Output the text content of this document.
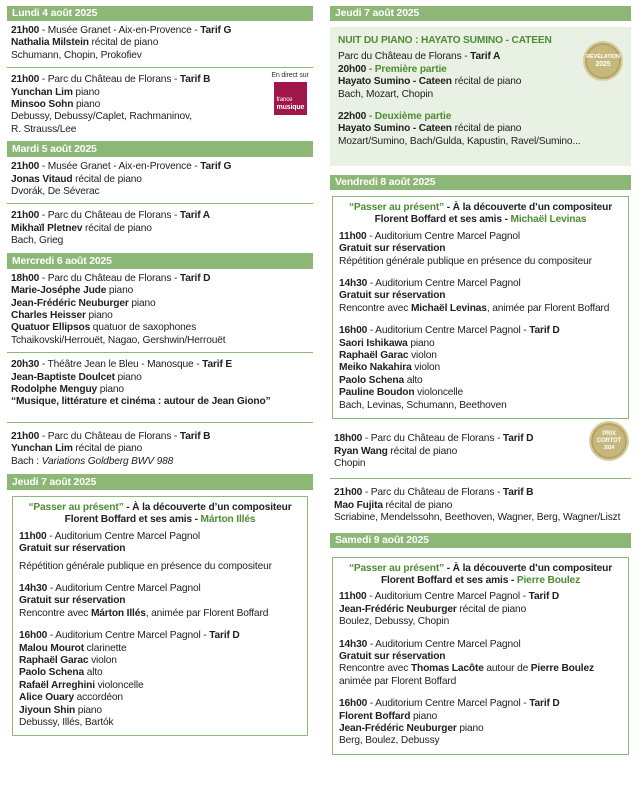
Lundi 4 août 2025
21h00 - Musée Granet - Aix-en-Provence - Tarif G
Nathalia Milstein récital de piano
Schumann, Chopin, Prokofiev
21h00 - Parc du Château de Florans - Tarif B
Yunchan Lim piano
Minsoo Sohn piano
Debussy, Debussy/Caplet, Rachmaninov,
R. Strauss/Lee
En direct sur
france
musique
Mardi 5 août 2025
21h00 - Musée Granet - Aix-en-Provence - Tarif G
Jonas Vitaud récital de piano
Dvorák, De Séverac
21h00 - Parc du Château de Florans - Tarif A
Mikhaïl Pletnev récital de piano
Bach, Grieg
Mercredi 6 août 2025
18h00 - Parc du Château de Florans - Tarif D
Marie-Joséphe Jude piano
Jean-Frédéric Neuburger piano
Charles Heisser piano
Quatuor Ellipsos quatuor de saxophones
Tchaikovski/Herrouët, Nagao, Gershwin/Herrouët
20h30 - Théâtre Jean le Bleu - Manosque - Tarif E
Jean-Baptiste Doulcet piano
Rodolphe Menguy piano
“Musique, littérature et cinéma : autour de Jean Giono”
21h00 - Parc du Château de Florans - Tarif B
Yunchan Lim récital de piano
Bach : Variations Goldberg BWV 988
Jeudi 7 août 2025
“Passer au présent” - À la découverte d’un compositeur
Florent Boffard et ses amis - Márton Illés
11h00 - Auditorium Centre Marcel Pagnol
Gratuit sur réservation
Répétition générale publique en présence du compositeur
14h30 - Auditorium Centre Marcel Pagnol
Gratuit sur réservation
Rencontre avec Márton Illés, animée par Florent Boffard
16h00 - Auditorium Centre Marcel Pagnol - Tarif D
Malou Mourot clarinette
Raphaël Garac violon
Paolo Schena alto
Rafaël Arreghini violoncelle
Alice Ouary accordéon
Jiyoun Shin piano
Debussy, Illés, Bartók
Jeudi 7 août 2025
NUIT DU PIANO : HAYATO SUMINO - CATEEN
Parc du Château de Florans - Tarif A
20h00 - Première partie
Hayato Sumino - Cateen récital de piano
Bach, Mozart, Chopin
22h00 - Deuxième partie
Hayato Sumino - Cateen récital de piano
Mozart/Sumino, Bach/Gulda, Kapustin, Ravel/Sumino...
RÉVÉLATION
2025
Vendredi 8 août 2025
“Passer au présent” - À la découverte d’un compositeur
Florent Boffard et ses amis - Michaël Levinas
11h00 - Auditorium Centre Marcel Pagnol
Gratuit sur réservation
Répétition générale publique en présence du compositeur
14h30 - Auditorium Centre Marcel Pagnol
Gratuit sur réservation
Rencontre avec Michaël Levinas, animée par Florent Boffard
16h00 - Auditorium Centre Marcel Pagnol - Tarif D
Saori Ishikawa piano
Raphaël Garac violon
Meiko Nakahira violon
Paolo Schena alto
Pauline Boudon violoncelle
Bach, Levinas, Schumann, Beethoven
18h00 - Parc du Château de Florans - Tarif D
Ryan Wang récital de piano
Chopin
PRIX
CORTOT
2024
21h00 - Parc du Château de Florans - Tarif B
Mao Fujita récital de piano
Scriabine, Mendelssohn, Beethoven, Wagner, Berg, Wagner/Liszt
Samedi 9 août 2025
“Passer au présent” - À la découverte d’un compositeur
Florent Boffard et ses amis - Pierre Boulez
11h00 - Auditorium Centre Marcel Pagnol - Tarif D
Jean-Frédéric Neuburger récital de piano
Boulez, Debussy, Chopin
14h30 - Auditorium Centre Marcel Pagnol
Gratuit sur réservation
Rencontre avec Thomas Lacôte autour de Pierre Boulez
animée par Florent Boffard
16h00 - Auditorium Centre Marcel Pagnol - Tarif D
Florent Boffard piano
Jean-Frédéric Neuburger piano
Berg, Boulez, Debussy
